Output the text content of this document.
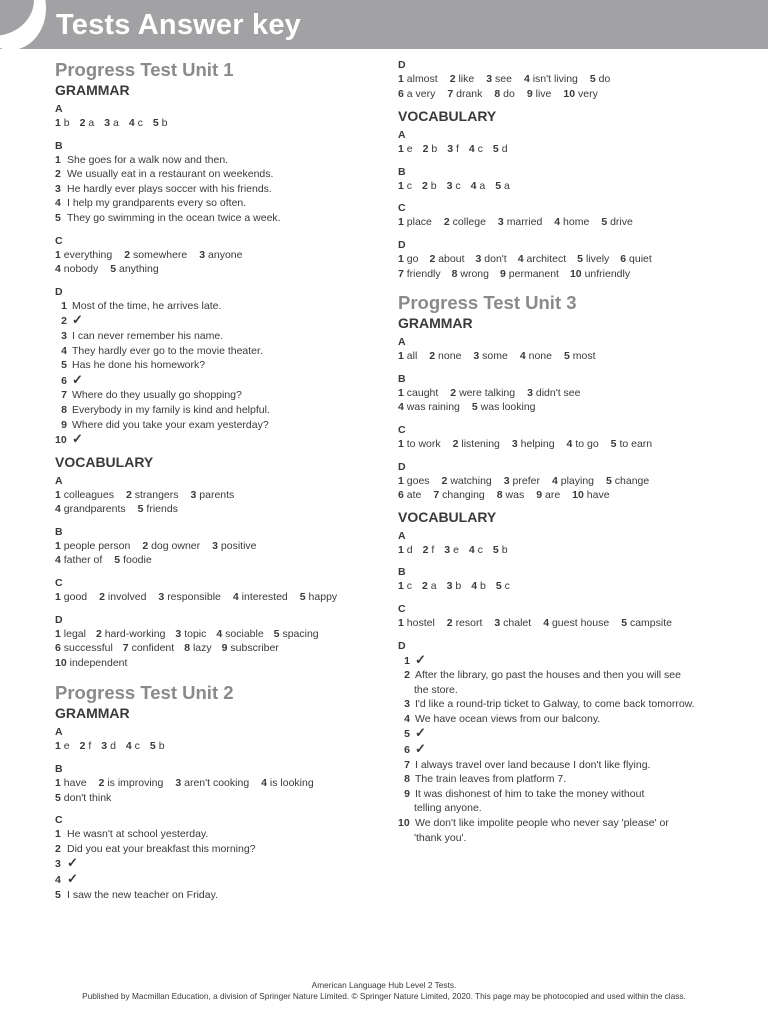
Tests Answer key
Progress Test Unit 1
GRAMMAR
A
1 b 2 a 3 a 4 c 5 b
B
1 She goes for a walk now and then.
2 We usually eat in a restaurant on weekends.
3 He hardly ever plays soccer with his friends.
4 I help my grandparents every so often.
5 They go swimming in the ocean twice a week.
C
1 everything 2 somewhere 3 anyone
4 nobody 5 anything
D
1 Most of the time, he arrives late.
2 ✓
3 I can never remember his name.
4 They hardly ever go to the movie theater.
5 Has he done his homework?
6 ✓
7 Where do they usually go shopping?
8 Everybody in my family is kind and helpful.
9 Where did you take your exam yesterday?
10 ✓
VOCABULARY
A
1 colleagues 2 strangers 3 parents
4 grandparents 5 friends
B
1 people person 2 dog owner 3 positive
4 father of 5 foodie
C
1 good 2 involved 3 responsible 4 interested 5 happy
D
1 legal 2 hard-working 3 topic 4 sociable 5 spacing
6 successful 7 confident 8 lazy 9 subscriber
10 independent
Progress Test Unit 2
GRAMMAR
A
1 e 2 f 3 d 4 c 5 b
B
1 have 2 is improving 3 aren't cooking 4 is looking
5 don't think
C
1 He wasn't at school yesterday.
2 Did you eat your breakfast this morning?
3 ✓
4 ✓
5 I saw the new teacher on Friday.
D
1 almost 2 like 3 see 4 isn't living 5 do
6 a very 7 drank 8 do 9 live 10 very
VOCABULARY
A
1 e 2 b 3 f 4 c 5 d
B
1 c 2 b 3 c 4 a 5 a
C
1 place 2 college 3 married 4 home 5 drive
D
1 go 2 about 3 don't 4 architect 5 lively 6 quiet
7 friendly 8 wrong 9 permanent 10 unfriendly
Progress Test Unit 3
GRAMMAR
A
1 all 2 none 3 some 4 none 5 most
B
1 caught 2 were talking 3 didn't see
4 was raining 5 was looking
C
1 to work 2 listening 3 helping 4 to go 5 to earn
D
1 goes 2 watching 3 prefer 4 playing 5 change
6 ate 7 changing 8 was 9 are 10 have
VOCABULARY
A
1 d 2 f 3 e 4 c 5 b
B
1 c 2 a 3 b 4 b 5 c
C
1 hostel 2 resort 3 chalet 4 guest house 5 campsite
D
1 ✓
2 After the library, go past the houses and then you will see
the store.
3 I'd like a round-trip ticket to Galway, to come back tomorrow.
4 We have ocean views from our balcony.
5 ✓
6 ✓
7 I always travel over land because I don't like flying.
8 The train leaves from platform 7.
9 It was dishonest of him to take the money without
telling anyone.
10 We don't like impolite people who never say 'please' or
'thank you'.
American Language Hub Level 2 Tests.
Published by Macmillan Education, a division of Springer Nature Limited. © Springer Nature Limited, 2020. This page may be photocopied and used within the class.
